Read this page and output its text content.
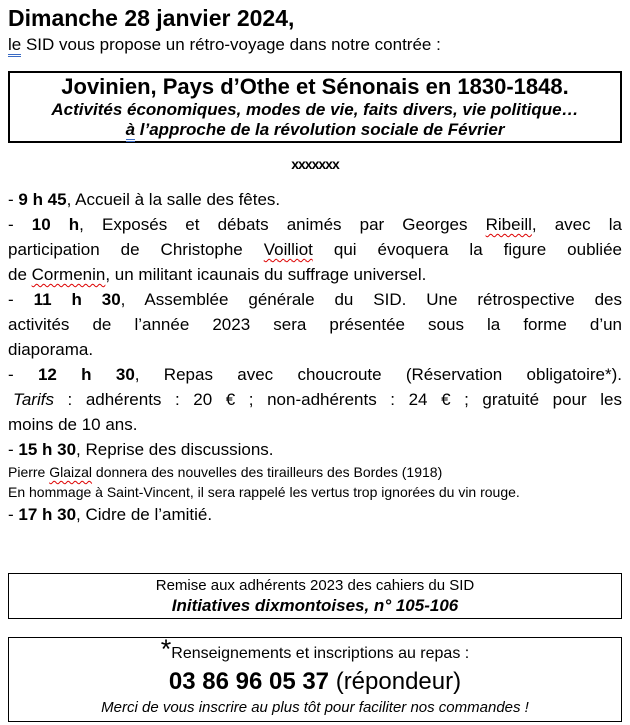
Dimanche 28 janvier 2024,
le SID vous propose un rétro-voyage dans notre contrée :
Jovinien, Pays d’Othe et Sénonais en 1830-1848.
Activités économiques, modes de vie, faits divers, vie politique…
à l’approche de la révolution sociale de Février
xxxxxxx
- 9 h 45, Accueil à la salle des fêtes.
- 10 h, Exposés et débats animés par Georges Ribeill, avec la
participation de Christophe Voilliot qui évoquera la figure oubliée
de Cormenin, un militant icaunais du suffrage universel.
- 11 h 30, Assemblée générale du SID. Une rétrospective des
activités de l’année 2023 sera présentée sous la forme d’un
diaporama.
- 12 h 30, Repas avec choucroute (Réservation obligatoire*).
Tarifs : adhérents : 20 € ; non-adhérents : 24 € ; gratuité pour les
moins de 10 ans.
- 15 h 30, Reprise des discussions.
Pierre Glaizal donnera des nouvelles des tirailleurs des Bordes (1918)
En hommage à Saint-Vincent, il sera rappelé les vertus trop ignorées du vin rouge.
- 17 h 30, Cidre de l’amitié.
Remise aux adhérents 2023 des cahiers du SID
Initiatives dixmontoises, n° 105-106
*Renseignements et inscriptions au repas :
03 86 96 05 37 (répondeur)
Merci de vous inscrire au plus tôt pour faciliter nos commandes !
